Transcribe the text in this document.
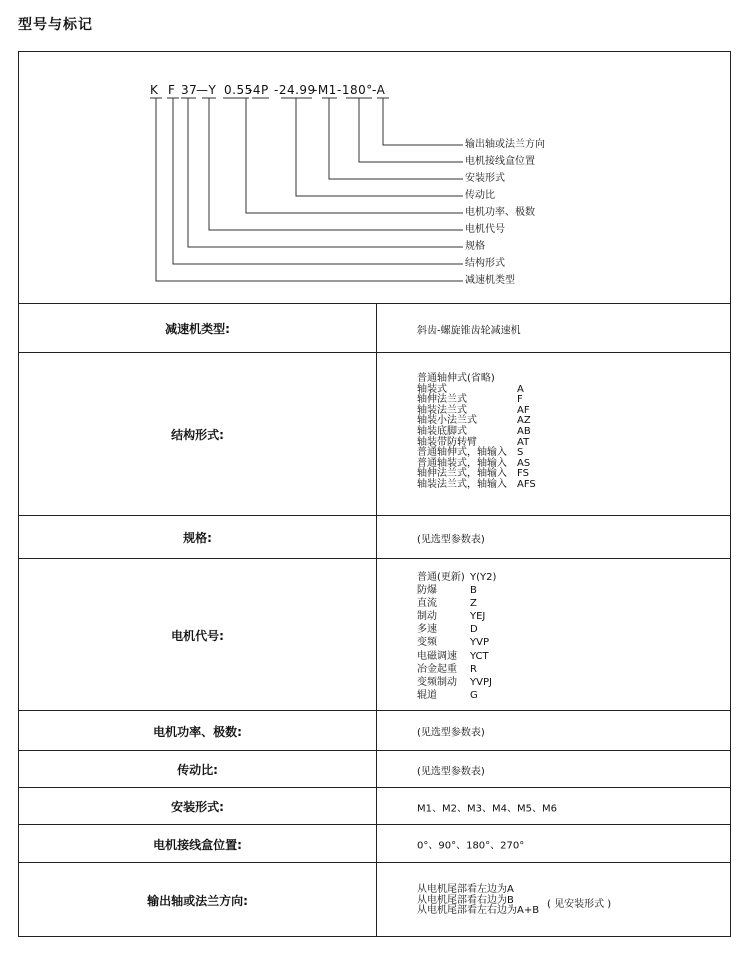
型号与标记
K F 37
—Y 0.55
-4P -24.99
-M1 -180° -A
输出轴或法兰方向
电机接线盒位置
安装形式
传动比
电机功率、极数
电机代号
规格
结构形式
减速机类型
减速机类型:	斜齿-螺旋锥齿轮减速机
结构形式:
普通轴伸式(省略)
轴装式	A
轴伸法兰式	F
轴装法兰式	AF
轴装小法兰式	AZ
轴装底脚式	AB
轴装带防转臂	AT
普通轴伸式，轴输入	S
普通轴装式，轴输入	AS
轴伸法兰式，轴输入	FS
轴装法兰式，轴输入	AFS
规格:	(见选型参数表)
电机代号:
普通(更新) Y(Y2)
防爆	B
直流	Z
制动	YEJ
多速	D
变频	YVP
电磁调速	YCT
冶金起重	R
变频制动	YVPJ
辊道	G
电机功率、极数:	(见选型参数表)
传动比:	(见选型参数表)
安装形式:	M1、M2、M3、M4、M5、M6
电机接线盒位置:	0°、90°、180°、270°
输出轴或法兰方向:
从电机尾部看左边为A
从电机尾部看右边为B
从电机尾部看左右边为A+B
( 见安装形式 )
